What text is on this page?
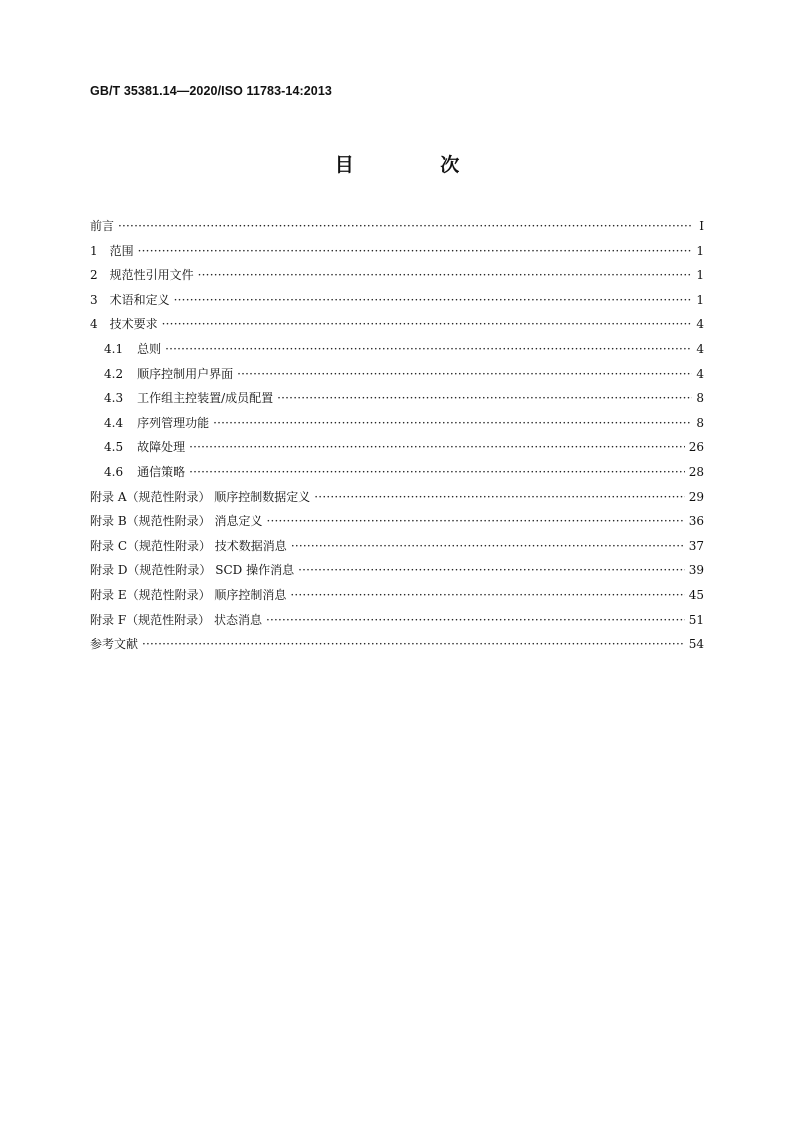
GB/T 35381.14—2020/ISO 11783-14:2013
目 次
前言 ·····	Ⅰ
1 范围 ·····	1
2 规范性引用文件 ·····	1
3 术语和定义 ·····	1
4 技术要求 ·····	4
4.1 总则 ·····	4
4.2 顺序控制用户界面 ·····	4
4.3 工作组主控装置/成员配置 ·····	8
4.4 序列管理功能 ·····	8
4.5 故障处理 ·····	26
4.6 通信策略 ·····	28
附录 A（规范性附录） 顺序控制数据定义 ·····	29
附录 B（规范性附录） 消息定义 ·····	36
附录 C（规范性附录） 技术数据消息 ·····	37
附录 D（规范性附录） SCD 操作消息 ·····	39
附录 E（规范性附录） 顺序控制消息 ·····	45
附录 F（规范性附录） 状态消息 ·····	51
参考文献 ·····	54
